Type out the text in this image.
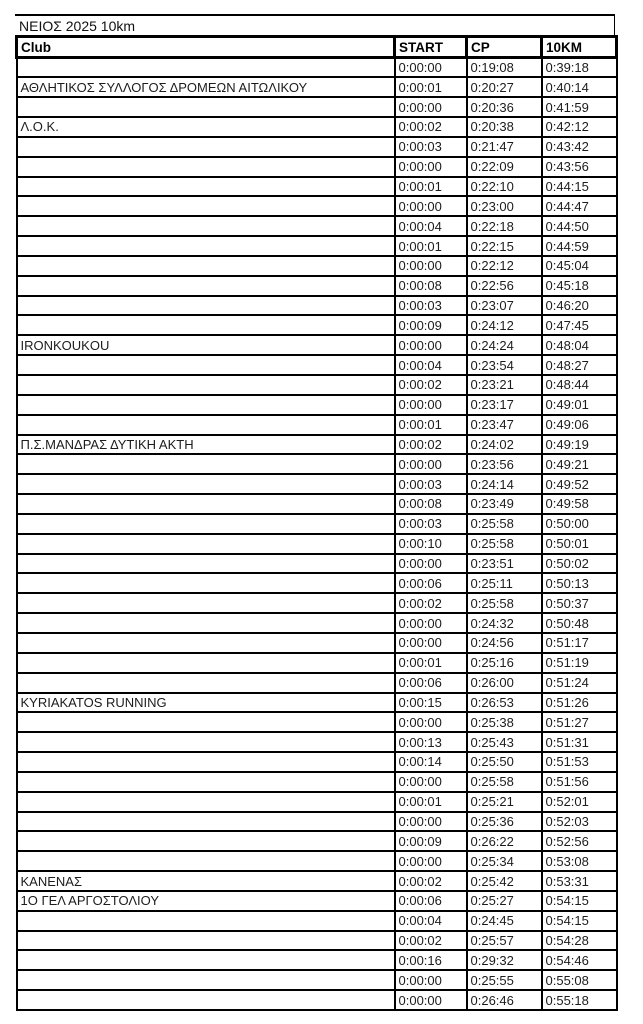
ΝΕΙΟΣ 2025 10km
Club	START	CP	10KM
	0:00:00	0:19:08	0:39:18
ΑΘΛΗΤΙΚΟΣ ΣΥΛΛΟΓΟΣ ΔΡΟΜΕΩΝ ΑΙΤΩΛΙΚΟΥ	0:00:01	0:20:27	0:40:14
	0:00:00	0:20:36	0:41:59
Λ.Ο.Κ.	0:00:02	0:20:38	0:42:12
	0:00:03	0:21:47	0:43:42
	0:00:00	0:22:09	0:43:56
	0:00:01	0:22:10	0:44:15
	0:00:00	0:23:00	0:44:47
	0:00:04	0:22:18	0:44:50
	0:00:01	0:22:15	0:44:59
	0:00:00	0:22:12	0:45:04
	0:00:08	0:22:56	0:45:18
	0:00:03	0:23:07	0:46:20
	0:00:09	0:24:12	0:47:45
IRONKOUKOU	0:00:00	0:24:24	0:48:04
	0:00:04	0:23:54	0:48:27
	0:00:02	0:23:21	0:48:44
	0:00:00	0:23:17	0:49:01
	0:00:01	0:23:47	0:49:06
Π.Σ.ΜΑΝΔΡΑΣ ΔΥΤΙΚΗ ΑΚΤΗ	0:00:02	0:24:02	0:49:19
	0:00:00	0:23:56	0:49:21
	0:00:03	0:24:14	0:49:52
	0:00:08	0:23:49	0:49:58
	0:00:03	0:25:58	0:50:00
	0:00:10	0:25:58	0:50:01
	0:00:00	0:23:51	0:50:02
	0:00:06	0:25:11	0:50:13
	0:00:02	0:25:58	0:50:37
	0:00:00	0:24:32	0:50:48
	0:00:00	0:24:56	0:51:17
	0:00:01	0:25:16	0:51:19
	0:00:06	0:26:00	0:51:24
KYRIAKATOS RUNNING	0:00:15	0:26:53	0:51:26
	0:00:00	0:25:38	0:51:27
	0:00:13	0:25:43	0:51:31
	0:00:14	0:25:50	0:51:53
	0:00:00	0:25:58	0:51:56
	0:00:01	0:25:21	0:52:01
	0:00:00	0:25:36	0:52:03
	0:00:09	0:26:22	0:52:56
	0:00:00	0:25:34	0:53:08
ΚΑΝΕΝΑΣ	0:00:02	0:25:42	0:53:31
1Ο ΓΕΛ ΑΡΓΟΣΤΟΛΙΟΥ	0:00:06	0:25:27	0:54:15
	0:00:04	0:24:45	0:54:15
	0:00:02	0:25:57	0:54:28
	0:00:16	0:29:32	0:54:46
	0:00:00	0:25:55	0:55:08
	0:00:00	0:26:46	0:55:18
